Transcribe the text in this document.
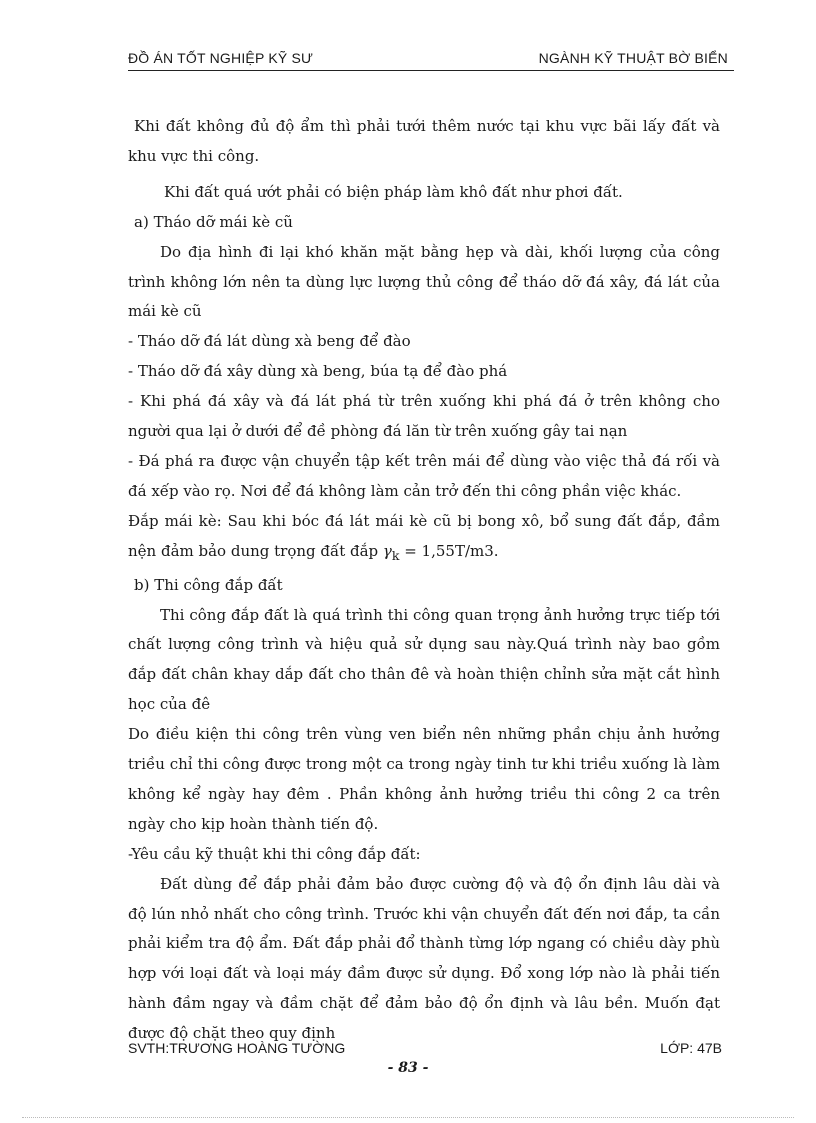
ĐỒ ÁN TỐT NGHIỆP KỸ SƯ	NGÀNH KỸ THUẬT BỜ BIỂN

Khi đất không đủ độ ẩm thì phải tưới thêm nước tại khu vực bãi lấy đất và khu vực thi công.

Khi đất quá ướt phải có biện pháp làm khô đất như phơi đất.

a) Tháo dỡ mái kè cũ

Do địa hình đi lại khó khăn mặt bằng hẹp và dài, khối lượng của công trình không lớn nên ta dùng lực lượng thủ công để tháo dỡ đá xây, đá lát của mái kè cũ

- Tháo dỡ đá lát dùng xà beng để đào

- Tháo dỡ đá xây dùng xà beng, búa tạ để đào phá

- Khi phá đá xây và đá lát phá từ trên xuống khi phá đá ở trên không cho người qua lại ở dưới để đề phòng đá lăn từ trên xuống gây tai nạn

- Đá phá ra được vận chuyển tập kết trên mái để dùng vào việc thả đá rối và đá xếp vào rọ. Nơi để đá không làm cản trở đến thi công phần việc khác.

Đắp mái kè: Sau khi bóc đá lát mái kè cũ bị bong xô, bổ sung đất đắp, đầm nện đảm bảo dung trọng đất đắp $\gamma_k = 1,55T/m3$.

b) Thi công đắp đất

Thi công đắp đất là quá trình thi công quan trọng ảnh hưởng trực tiếp tới chất lượng công trình và hiệu quả sử dụng sau này.Quá trình này bao gồm đắp đất chân khay dắp đất cho thân đê và hoàn thiện chỉnh sửa mặt cắt hình học của đê

Do điều kiện thi công trên vùng ven biển nên những phần chịu ảnh hưởng triều chỉ thi công được trong một ca trong ngày tinh tư khi triều xuống là làm không kể ngày hay đêm . Phần không ảnh hưởng triều thi công 2 ca trên ngày cho kịp hoàn thành tiến độ.

-Yêu cầu kỹ thuật khi thi công đắp đất:

Đất dùng để đắp phải đảm bảo được cường độ và độ ổn định lâu dài và độ lún nhỏ nhất cho công trình. Trước khi vận chuyển đất đến nơi đắp, ta cần phải kiểm tra độ ẩm. Đất đắp phải đổ thành từng lớp ngang có chiều dày phù hợp với loại đất và loại máy đầm được sử dụng. Đổ xong lớp nào là phải tiến hành đầm ngay và đầm chặt để đảm bảo độ ổn định và lâu bền. Muốn đạt được độ chặt theo quy định

SVTH:TRƯƠNG HOÀNG TƯỜNG	LỚP: 47B
- 83 -
